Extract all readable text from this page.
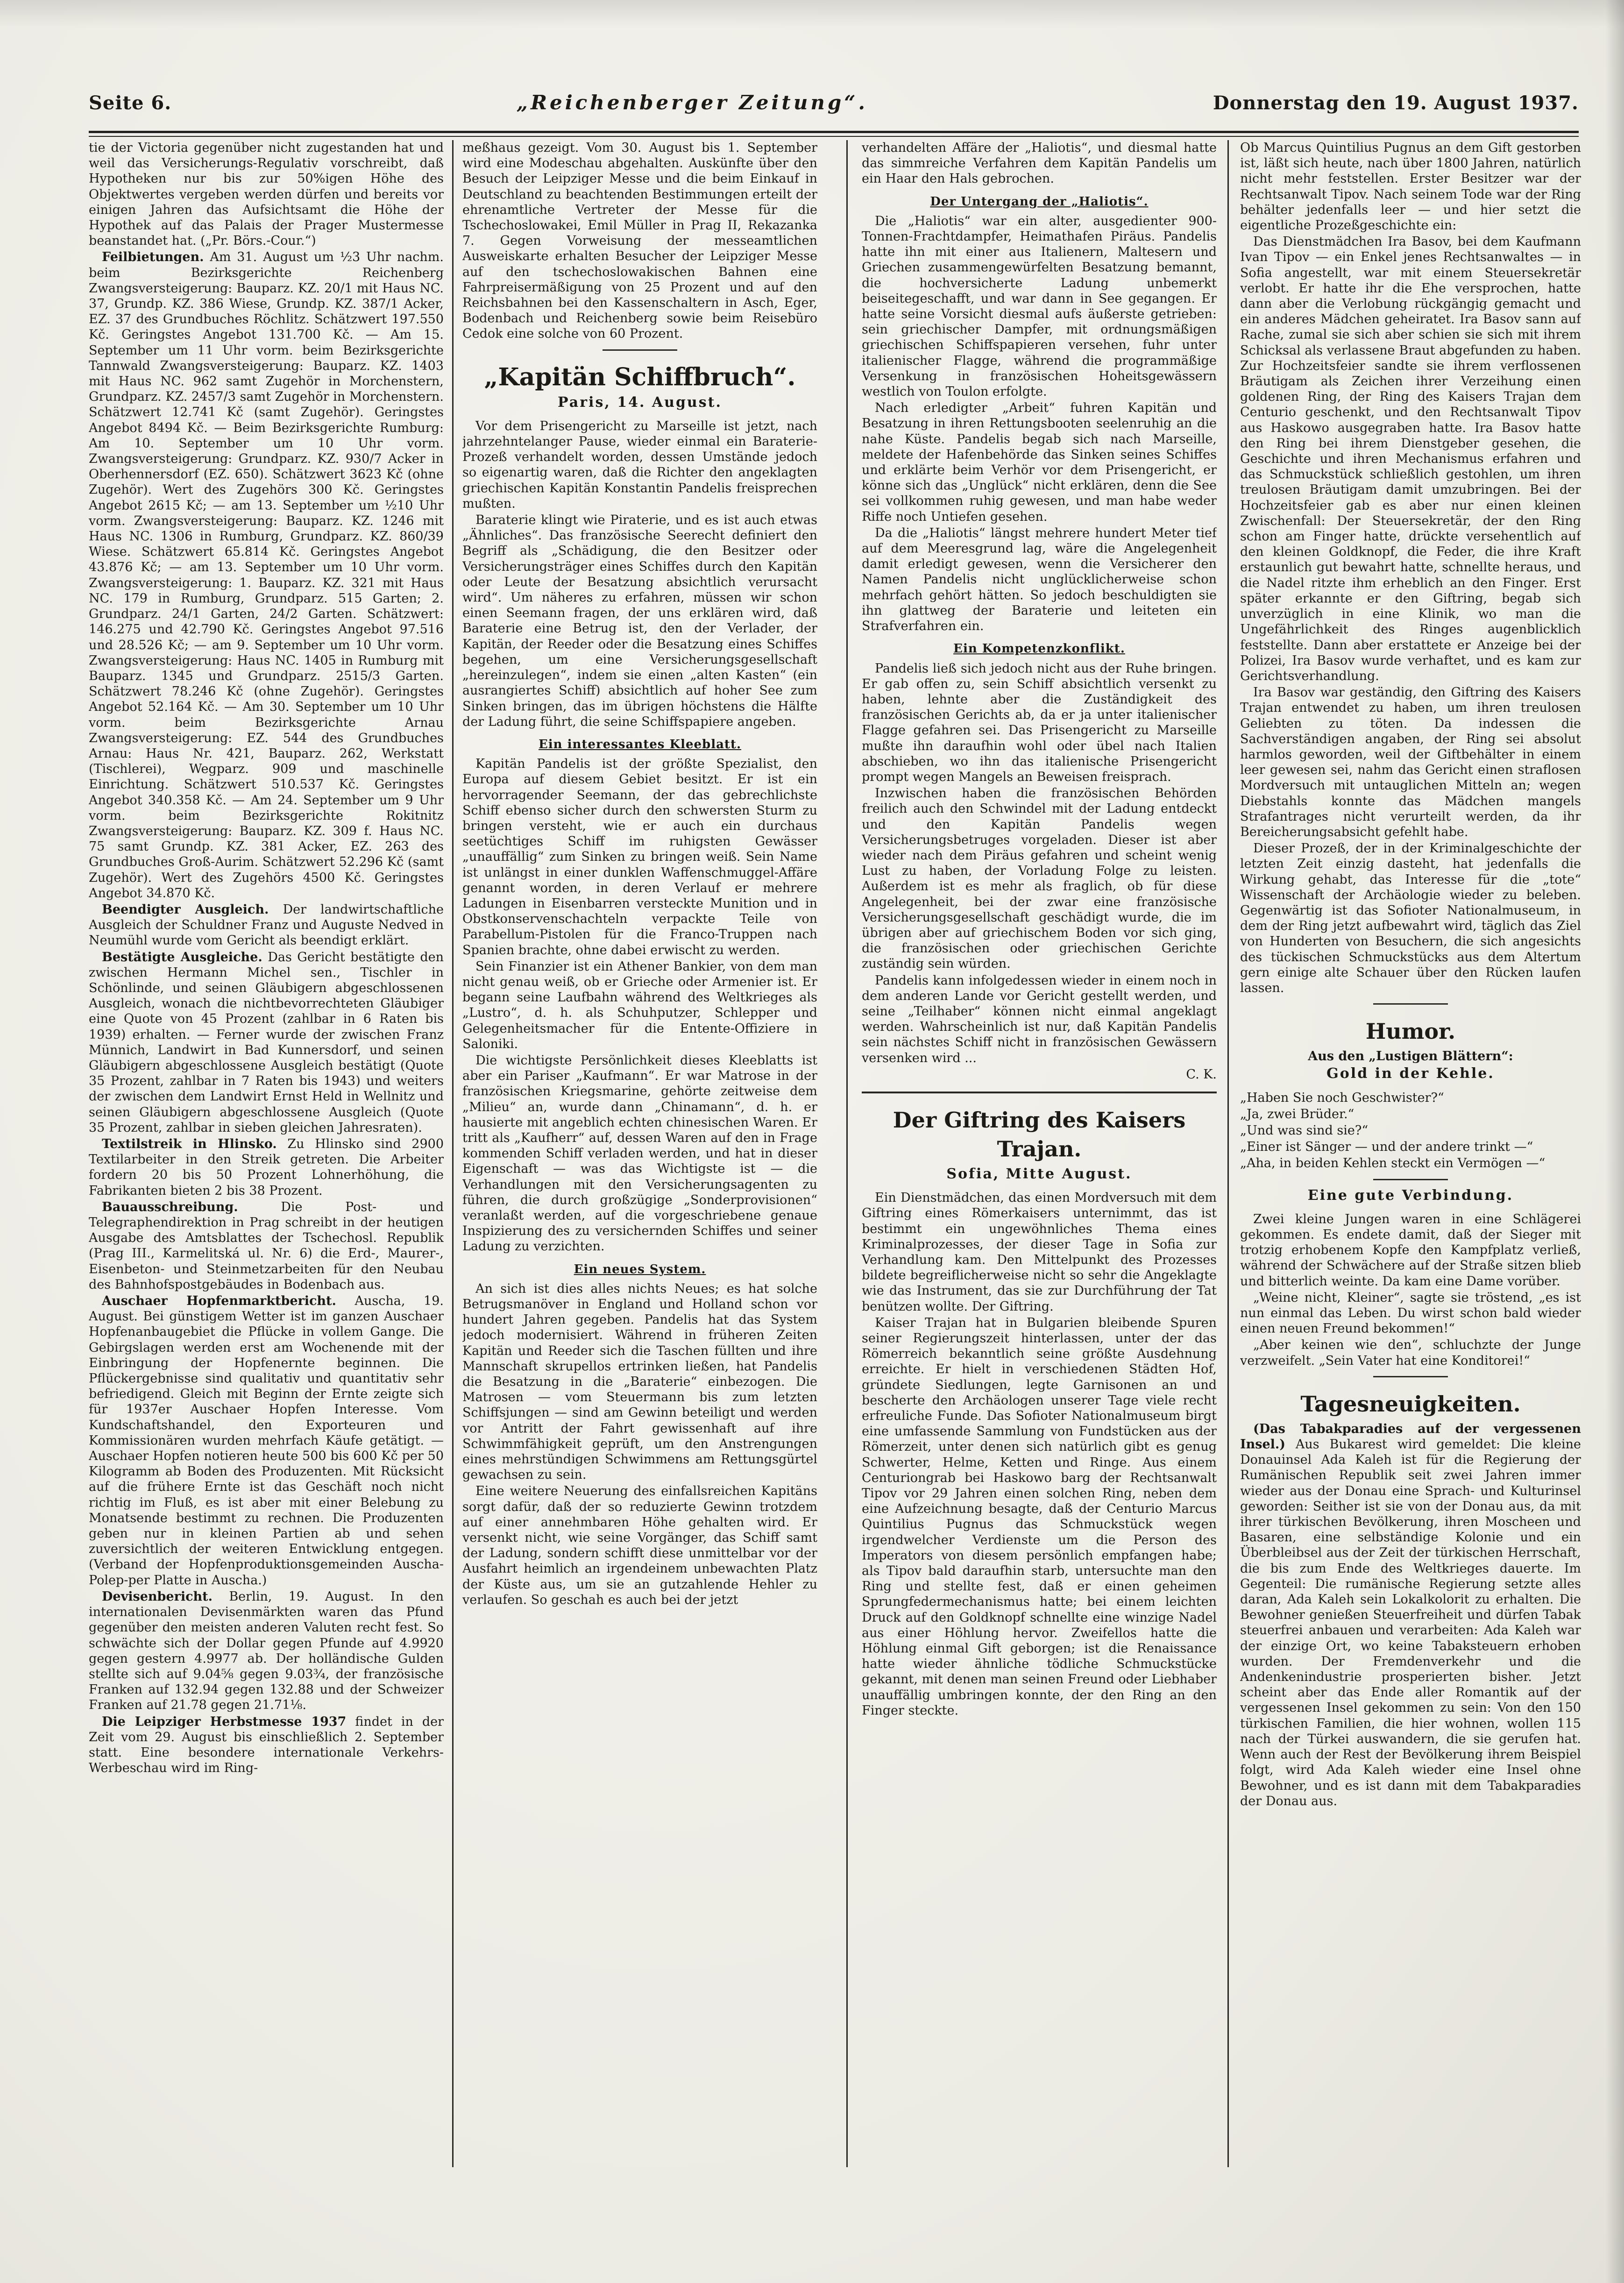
Seite 6.	„Reichenberger Zeitung“.	Donnerstag den 19. August 1937.

tie der Victoria gegenüber nicht zugestanden hat und weil das Versicherungs-Regulativ vorschreibt, daß Hypotheken nur bis zur 50%igen Höhe des Objektwertes vergeben werden dürfen und bereits vor einigen Jahren das Aufsichtsamt die Höhe der Hypothek auf das Palais der Prager Mustermesse beanstandet hat. („Pr. Börs.-Cour.“)

Feilbietungen. Am 31. August um ½3 Uhr nachm. beim Bezirksgerichte Reichenberg Zwangsversteigerung: Bauparz. KZ. 20/1 mit Haus NC. 37, Grundp. KZ. 386 Wiese, Grundp. KZ. 387/1 Acker, EZ. 37 des Grundbuches Röchlitz. Schätzwert 197.550 Kč. Geringstes Angebot 131.700 Kč. — Am 15. September um 11 Uhr vorm. beim Bezirksgerichte Tannwald Zwangsversteigerung: Bauparz. KZ. 1403 mit Haus NC. 962 samt Zugehör in Morchenstern, Grundparz. KZ. 2457/3 samt Zugehör in Morchenstern. Schätzwert 12.741 Kč (samt Zugehör). Geringstes Angebot 8494 Kč. — Beim Bezirksgerichte Rumburg: Am 10. September um 10 Uhr vorm. Zwangsversteigerung: Grundparz. KZ. 930/7 Acker in Oberhennersdorf (EZ. 650). Schätzwert 3623 Kč (ohne Zugehör). Wert des Zugehörs 300 Kč. Geringstes Angebot 2615 Kč; — am 13. September um ½10 Uhr vorm. Zwangsversteigerung: Bauparz. KZ. 1246 mit Haus NC. 1306 in Rumburg, Grundparz. KZ. 860/39 Wiese. Schätzwert 65.814 Kč. Geringstes Angebot 43.876 Kč; — am 13. September um 10 Uhr vorm. Zwangsversteigerung: 1. Bauparz. KZ. 321 mit Haus NC. 179 in Rumburg, Grundparz. 515 Garten; 2. Grundparz. 24/1 Garten, 24/2 Garten. Schätzwert: 146.275 und 42.790 Kč. Geringstes Angebot 97.516 und 28.526 Kč; — am 9. September um 10 Uhr vorm. Zwangsversteigerung: Haus NC. 1405 in Rumburg mit Bauparz. 1345 und Grundparz. 2515/3 Garten. Schätzwert 78.246 Kč (ohne Zugehör). Geringstes Angebot 52.164 Kč. — Am 30. September um 10 Uhr vorm. beim Bezirksgerichte Arnau Zwangsversteigerung: EZ. 544 des Grundbuches Arnau: Haus Nr. 421, Bauparz. 262, Werkstatt (Tischlerei), Wegparz. 909 und maschinelle Einrichtung. Schätzwert 510.537 Kč. Geringstes Angebot 340.358 Kč. — Am 24. September um 9 Uhr vorm. beim Bezirksgerichte Rokitnitz Zwangsversteigerung: Bauparz. KZ. 309 f. Haus NC. 75 samt Grundp. KZ. 381 Acker, EZ. 263 des Grundbuches Groß-Aurim. Schätzwert 52.296 Kč (samt Zugehör). Wert des Zugehörs 4500 Kč. Geringstes Angebot 34.870 Kč.

Beendigter Ausgleich. Der landwirtschaftliche Ausgleich der Schuldner Franz und Auguste Nedved in Neumühl wurde vom Gericht als beendigt erklärt.

Bestätigte Ausgleiche. Das Gericht bestätigte den zwischen Hermann Michel sen., Tischler in Schönlinde, und seinen Gläubigern abgeschlossenen Ausgleich, wonach die nichtbevorrechteten Gläubiger eine Quote von 45 Prozent (zahlbar in 6 Raten bis 1939) erhalten. — Ferner wurde der zwischen Franz Münnich, Landwirt in Bad Kunnersdorf, und seinen Gläubigern abgeschlossene Ausgleich bestätigt (Quote 35 Prozent, zahlbar in 7 Raten bis 1943) und weiters der zwischen dem Landwirt Ernst Held in Wellnitz und seinen Gläubigern abgeschlossene Ausgleich (Quote 35 Prozent, zahlbar in sieben gleichen Jahresraten).

Textilstreik in Hlinsko. Zu Hlinsko sind 2900 Textilarbeiter in den Streik getreten. Die Arbeiter fordern 20 bis 50 Prozent Lohnerhöhung, die Fabrikanten bieten 2 bis 38 Prozent.

Bauausschreibung.	Die Post- und Telegraphendirektion in Prag schreibt in der heutigen Ausgabe des Amtsblattes der Tschechosl. Republik (Prag III., Karmelitská ul. Nr. 6) die Erd-, Maurer-, Eisenbeton- und Steinmetzarbeiten für den Neubau des Bahnhofspostgebäudes in Bodenbach aus.

Auschaer Hopfenmarktbericht. Auscha, 19. August. Bei günstigem Wetter ist im ganzen Auschaer Hopfenanbaugebiet die Pflücke in vollem Gange. Die Gebirgslagen werden erst am Wochenende mit der Einbringung der Hopfenernte beginnen. Die Pflückergebnisse sind qualitativ und quantitativ sehr befriedigend. Gleich mit Beginn der Ernte zeigte sich für 1937er Auschaer Hopfen Interesse. Vom Kundschaftshandel, den Exporteuren und Kommissionären wurden mehrfach Käufe getätigt. — Auschaer Hopfen notieren heute 500 bis 600 Kč per 50 Kilogramm ab Boden des Produzenten. Mit Rücksicht auf die frühere Ernte ist das Geschäft noch nicht richtig im Fluß, es ist aber mit einer Belebung zu Monatsende bestimmt zu rechnen. Die Produzenten geben nur in kleinen Partien ab und sehen zuversichtlich der weiteren Entwicklung entgegen. (Verband der Hopfenproduktionsgemeinden Auscha-Polep-per Platte in Auscha.)

Devisenbericht. Berlin, 19. August. In den internationalen Devisenmärkten waren das Pfund gegenüber den meisten anderen Valuten recht fest. So schwächte sich der Dollar gegen Pfunde auf 4.9920 gegen gestern 4.9977 ab. Der holländische Gulden stellte sich auf 9.04⅝ gegen 9.03¾, der französische Franken auf 132.94 gegen 132.88 und der Schweizer Franken auf 21.78 gegen 21.71⅛.

Die Leipziger Herbstmesse 1937 findet in der Zeit vom 29. August bis einschließlich 2. September statt. Eine besondere internationale Verkehrs-Werbeschau wird im Ring-

meßhaus gezeigt. Vom 30. August bis 1. September wird eine Modeschau abgehalten. Auskünfte über den Besuch der Leipziger Messe und die beim Einkauf in Deutschland zu beachtenden Bestimmungen erteilt der ehrenamtliche Vertreter der Messe für die Tschechoslowakei, Emil Müller in Prag II, Rekazanka 7. Gegen Vorweisung der messeamtlichen Ausweiskarte erhalten Besucher der Leipziger Messe auf den tschechoslowakischen Bahnen eine Fahrpreisermäßigung von 25 Prozent und auf den Reichsbahnen bei den Kassenschaltern in Asch, Eger, Bodenbach und Reichenberg sowie beim Reisebüro Cedok eine solche von 60 Prozent.

„Kapitän Schiffbruch“.
Paris, 14. August.

Vor dem Prisengericht zu Marseille ist jetzt, nach jahrzehntelanger Pause, wieder einmal ein Baraterie-Prozeß verhandelt worden, dessen Umstände jedoch so eigenartig waren, daß die Richter den angeklagten griechischen Kapitän Konstantin Pandelis freisprechen mußten.

Baraterie klingt wie Piraterie, und es ist auch etwas „Ähnliches“. Das französische Seerecht definiert den Begriff als „Schädigung, die den Besitzer oder Versicherungsträger eines Schiffes durch den Kapitän oder Leute der Besatzung absichtlich verursacht wird“. Um näheres zu erfahren, müssen wir schon einen Seemann fragen, der uns erklären wird, daß Baraterie eine Betrug ist, den der Verlader, der Kapitän, der Reeder oder die Besatzung eines Schiffes begehen, um eine Versicherungsgesellschaft „hereinzulegen“, indem sie einen „alten Kasten“ (ein ausrangiertes Schiff) absichtlich auf hoher See zum Sinken bringen, das im übrigen höchstens die Hälfte der Ladung führt, die seine Schiffspapiere angeben.

Ein interessantes Kleeblatt.

Kapitän Pandelis ist der größte Spezialist, den Europa auf diesem Gebiet besitzt. Er ist ein hervorragender Seemann, der das gebrechlichste Schiff ebenso sicher durch den schwersten Sturm zu bringen versteht, wie er auch ein durchaus seetüchtiges Schiff im ruhigsten Gewässer „unauffällig“ zum Sinken zu bringen weiß. Sein Name ist unlängst in einer dunklen Waffenschmuggel-Affäre genannt worden, in deren Verlauf er mehrere Ladungen in Eisenbarren versteckte Munition und in Obstkonservenschachteln verpackte Teile von Parabellum-Pistolen für die Franco-Truppen nach Spanien brachte, ohne dabei erwischt zu werden.

Sein Finanzier ist ein Athener Bankier, von dem man nicht genau weiß, ob er Grieche oder Armenier ist. Er begann seine Laufbahn während des Weltkrieges als „Lustro“, d. h. als Schuhputzer, Schlepper und Gelegenheitsmacher für die Entente-Offiziere in Saloniki.

Die wichtigste Persönlichkeit dieses Kleeblatts ist aber ein Pariser „Kaufmann“. Er war Matrose in der französischen Kriegsmarine, gehörte zeitweise dem „Milieu“ an, wurde dann „Chinamann“, d. h. er hausierte mit angeblich echten chinesischen Waren. Er tritt als „Kaufherr“ auf, dessen Waren auf den in Frage kommenden Schiff verladen werden, und hat in dieser Eigenschaft — was das Wichtigste ist — die Verhandlungen mit den Versicherungsagenten zu führen, die durch großzügige „Sonderprovisionen“ veranlaßt werden, auf die vorgeschriebene genaue Inspizierung des zu versichernden Schiffes und seiner Ladung zu verzichten.

Ein neues System.

An sich ist dies alles nichts Neues; es hat solche Betrugsmanöver in England und Holland schon vor hundert Jahren gegeben. Pandelis hat das System jedoch modernisiert. Während in früheren Zeiten Kapitän und Reeder sich die Taschen füllten und ihre Mannschaft skrupellos ertrinken ließen, hat Pandelis die Besatzung in die „Baraterie“ einbezogen. Die Matrosen — vom Steuermann bis zum letzten Schiffsjungen — sind am Gewinn beteiligt und werden vor Antritt der Fahrt gewissenhaft auf ihre Schwimmfähigkeit geprüft, um den Anstrengungen eines mehrstündigen Schwimmens am Rettungsgürtel gewachsen zu sein.

Eine weitere Neuerung des einfallsreichen Kapitäns sorgt dafür, daß der so reduzierte Gewinn trotzdem auf einer annehmbaren Höhe gehalten wird. Er versenkt nicht, wie seine Vorgänger, das Schiff samt der Ladung, sondern schifft diese unmittelbar vor der Ausfahrt heimlich an irgendeinem unbewachten Platz der Küste aus, um sie an gutzahlende Hehler zu verlaufen. So geschah es auch bei der jetzt

verhandelten Affäre der „Haliotis“, und diesmal hatte das simmreiche Verfahren dem Kapitän Pandelis um ein Haar den Hals gebrochen.

Der Untergang der „Haliotis“.

Die „Haliotis“ war ein alter, ausgedienter 900-Tonnen-Frachtdampfer, Heimathafen Piräus. Pandelis hatte ihn mit einer aus Italienern, Maltesern und Griechen zusammengewürfelten Besatzung bemannt, die hochversicherte Ladung unbemerkt beiseitegeschafft, und war dann in See gegangen. Er hatte seine Vorsicht diesmal aufs äußerste getrieben: sein griechischer Dampfer, mit ordnungsmäßigen griechischen Schiffspapieren versehen, fuhr unter italienischer Flagge, während die programmäßige Versenkung in französischen Hoheitsgewässern westlich von Toulon erfolgte.

Nach erledigter „Arbeit“ fuhren Kapitän und Besatzung in ihren Rettungsbooten seelenruhig an die nahe Küste. Pandelis begab sich nach Marseille, meldete der Hafenbehörde das Sinken seines Schiffes und erklärte beim Verhör vor dem Prisengericht, er könne sich das „Unglück“ nicht erklären, denn die See sei vollkommen ruhig gewesen, und man habe weder Riffe noch Untiefen gesehen.

Da die „Haliotis“ längst mehrere hundert Meter tief auf dem Meeresgrund lag, wäre die Angelegenheit damit erledigt gewesen, wenn die Versicherer den Namen Pandelis nicht unglücklicherweise schon mehrfach gehört hätten. So jedoch beschuldigten sie ihn glattweg der Baraterie und leiteten ein Strafverfahren ein.

Ein Kompetenzkonflikt.

Pandelis ließ sich jedoch nicht aus der Ruhe bringen. Er gab offen zu, sein Schiff absichtlich versenkt zu haben, lehnte aber die Zuständigkeit des französischen Gerichts ab, da er ja unter italienischer Flagge gefahren sei. Das Prisengericht zu Marseille mußte ihn daraufhin wohl oder übel nach Italien abschieben, wo ihn das italienische Prisengericht prompt wegen Mangels an Beweisen freisprach.

Inzwischen haben die französischen Behörden freilich auch den Schwindel mit der Ladung entdeckt und den Kapitän Pandelis wegen Versicherungsbetruges vorgeladen. Dieser ist aber wieder nach dem Piräus gefahren und scheint wenig Lust zu haben, der Vorladung Folge zu leisten. Außerdem ist es mehr als fraglich, ob für diese Angelegenheit, bei der zwar eine französische Versicherungsgesellschaft geschädigt wurde, die im übrigen aber auf griechischem Boden vor sich ging, die französischen oder griechischen Gerichte zuständig sein würden.

Pandelis kann infolgedessen wieder in einem noch in dem anderen Lande vor Gericht gestellt werden, und seine „Teilhaber“ können nicht einmal angeklagt werden. Wahrscheinlich ist nur, daß Kapitän Pandelis sein nächstes Schiff nicht in französischen Gewässern versenken wird ...

C. K.

Der Giftring des Kaisers Trajan.
Sofia, Mitte August.

Ein Dienstmädchen, das einen Mordversuch mit dem Giftring eines Römerkaisers unternimmt, das ist bestimmt ein ungewöhnliches Thema eines Kriminalprozesses, der dieser Tage in Sofia zur Verhandlung kam. Den Mittelpunkt des Prozesses bildete begreiflicherweise nicht so sehr die Angeklagte wie das Instrument, das sie zur Durchführung der Tat benützen wollte. Der Giftring.

Kaiser Trajan hat in Bulgarien bleibende Spuren seiner Regierungszeit hinterlassen, unter der das Römerreich bekanntlich seine größte Ausdehnung erreichte. Er hielt in verschiedenen Städten Hof, gründete Siedlungen, legte Garnisonen an und bescherte den Archäologen unserer Tage viele recht erfreuliche Funde. Das Sofioter Nationalmuseum birgt eine umfassende Sammlung von Fundstücken aus der Römerzeit, unter denen sich natürlich gibt es genug Schwerter, Helme, Ketten und Ringe. Aus einem Centuriongrab bei Haskowo barg der Rechtsanwalt Tipov vor 29 Jahren einen solchen Ring, neben dem eine Aufzeichnung besagte, daß der Centurio Marcus Quintilius Pugnus das Schmuckstück wegen irgendwelcher Verdienste um die Person des Imperators von diesem persönlich empfangen habe; als Tipov bald daraufhin starb, untersuchte man den Ring und stellte fest, daß er einen geheimen Sprungfedermechanismus hatte; bei einem leichten Druck auf den Goldknopf schnellte eine winzige Nadel aus einer Höhlung hervor. Zweifellos hatte die Höhlung einmal Gift geborgen; ist die Renaissance hatte wieder ähnliche tödliche Schmuckstücke gekannt, mit denen man seinen Freund oder Liebhaber unauffällig umbringen konnte, der den Ring an den Finger steckte.

Ob Marcus Quintilius Pugnus an dem Gift gestorben ist, läßt sich heute, nach über 1800 Jahren, natürlich nicht mehr feststellen. Erster Besitzer war der Rechtsanwalt Tipov. Nach seinem Tode war der Ring behälter jedenfalls leer — und hier setzt die eigentliche Prozeßgeschichte ein:

Das Dienstmädchen Ira Basov, bei dem Kaufmann Ivan Tipov — ein Enkel jenes Rechtsanwaltes — in Sofia angestellt, war mit einem Steuersekretär verlobt. Er hatte ihr die Ehe versprochen, hatte dann aber die Verlobung rückgängig gemacht und ein anderes Mädchen geheiratet. Ira Basov sann auf Rache, zumal sie sich aber schien sie sich mit ihrem Schicksal als verlassene Braut abgefunden zu haben. Zur Hochzeitsfeier sandte sie ihrem verflossenen Bräutigam als Zeichen ihrer Verzeihung einen goldenen Ring, der Ring des Kaisers Trajan dem Centurio geschenkt, und den Rechtsanwalt Tipov aus Haskowo ausgegraben hatte. Ira Basov hatte den Ring bei ihrem Dienstgeber gesehen, die Geschichte und ihren Mechanismus erfahren und das Schmuckstück schließlich gestohlen, um ihren treulosen Bräutigam damit umzubringen. Bei der Hochzeitsfeier gab es aber nur einen kleinen Zwischenfall: Der Steuersekretär, der den Ring schon am Finger hatte, drückte versehentlich auf den kleinen Goldknopf, die Feder, die ihre Kraft erstaunlich gut bewahrt hatte, schnellte heraus, und die Nadel ritzte ihm erheblich an den Finger. Erst später erkannte er den Giftring, begab sich unverzüglich in eine Klinik, wo man die Ungefährlichkeit des Ringes augenblicklich feststellte. Dann aber erstattete er Anzeige bei der Polizei, Ira Basov wurde verhaftet, und es kam zur Gerichtsverhandlung.

Ira Basov war geständig, den Giftring des Kaisers Trajan entwendet zu haben, um ihren treulosen Geliebten zu töten. Da indessen die Sachverständigen angaben, der Ring sei absolut harmlos geworden, weil der Giftbehälter in einem leer gewesen sei, nahm das Gericht einen straflosen Mordversuch mit untauglichen Mitteln an; wegen Diebstahls konnte das Mädchen mangels Strafantrages nicht verurteilt werden, da ihr Bereicherungsabsicht gefehlt habe.

Dieser Prozeß, der in der Kriminalgeschichte der letzten Zeit einzig dasteht, hat jedenfalls die Wirkung gehabt, das Interesse für die „tote“ Wissenschaft der Archäologie wieder zu beleben. Gegenwärtig ist das Sofioter Nationalmuseum, in dem der Ring jetzt aufbewahrt wird, täglich das Ziel von Hunderten von Besuchern, die sich angesichts des tückischen Schmuckstücks aus dem Altertum gern einige alte Schauer über den Rücken laufen lassen.

Humor.

Aus den „Lustigen Blättern“:

Gold in der Kehle.

„Haben Sie noch Geschwister?“

„Ja, zwei Brüder.“

„Und was sind sie?“

„Einer ist Sänger — und der andere trinkt —“

„Aha, in beiden Kehlen steckt ein Vermögen —“

Eine gute Verbindung.

Zwei kleine Jungen waren in eine Schlägerei gekommen. Es endete damit, daß der Sieger mit trotzig erhobenem Kopfe den Kampfplatz verließ, während der Schwächere auf der Straße sitzen blieb und bitterlich weinte. Da kam eine Dame vorüber.

„Weine nicht, Kleiner“, sagte sie tröstend, „es ist nun einmal das Leben. Du wirst schon bald wieder einen neuen Freund bekommen!“

„Aber keinen wie den“, schluchzte der Junge verzweifelt. „Sein Vater hat eine Konditorei!“

Tagesneuigkeiten.

(Das Tabakparadies auf der vergessenen Insel.) Aus Bukarest wird gemeldet: Die kleine Donauinsel Ada Kaleh ist für die Regierung der Rumänischen Republik seit zwei Jahren immer wieder aus der Donau eine Sprach- und Kulturinsel geworden: Seither ist sie von der Donau aus, da mit ihrer türkischen Bevölkerung, ihren Moscheen und Basaren, eine selbständige Kolonie und ein Überbleibsel aus der Zeit der türkischen Herrschaft, die bis zum Ende des Weltkrieges dauerte. Im Gegenteil: Die rumänische Regierung setzte alles daran, Ada Kaleh sein Lokalkolorit zu erhalten. Die Bewohner genießen Steuerfreiheit und dürfen Tabak steuerfrei anbauen und verarbeiten: Ada Kaleh war der einzige Ort, wo keine Tabaksteuern erhoben wurden. Der Fremdenverkehr und die Andenkenindustrie prosperierten bisher. Jetzt scheint aber das Ende aller Romantik auf der vergessenen Insel gekommen zu sein: Von den 150 türkischen Familien, die hier wohnen, wollen 115 nach der Türkei auswandern, die sie gerufen hat. Wenn auch der Rest der Bevölkerung ihrem Beispiel folgt, wird Ada Kaleh wieder eine Insel ohne Bewohner, und es ist dann mit dem Tabakparadies der Donau aus.
